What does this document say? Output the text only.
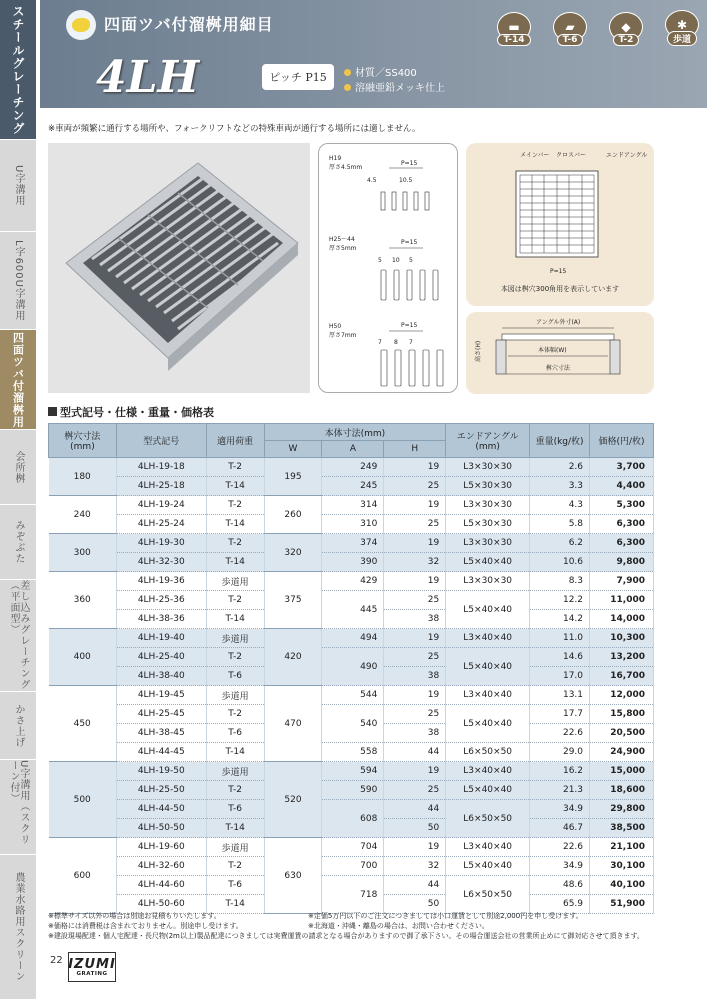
スチールグレーチング
U字溝用
L字600U字溝用
四面ツバ付溜桝用
会所桝
みぞぶた
差し込みグレーチング（平面型）
かさ上げ
U字溝用（スクリーン付）
農業水路用スクリーン
四面ツバ付溜桝用細目
4LH	ピッチ P15	材質／SS400
溶融亜鉛メッキ仕上
▬
T-14
▰
T-6
◆
T-2
✱
歩道
※車両が頻繁に通行する場所や、フォークリフトなどの特殊車両が通行する場所には適しません。
H19
厚さ4.5mm
P=15
4.5	10.5
H25〜44
厚さ5mm
P=15
5 10 5
H50
厚さ7mm
P=15
7 8 7
メインバー クロスバー	エンドアングル
P=15
本図は桝穴300角用を表示しています
アングル外寸(A)
本体幅(W)
桝穴寸法
高さ(H)
型式記号・仕様・重量・価格表
桝穴寸法
(mm)	型式記号	適用荷重	本体寸法(mm)			エンドアングル
(mm)	重量(kg/枚)	価格(円/枚)
			W	A	H			
180	4LH-19-18	T-2	195	249	19	L3×30×30	2.6	3,700
	4LH-25-18	T-14		245	25	L5×30×30	3.3	4,400
240	4LH-19-24	T-2	260	314	19	L3×30×30	4.3	5,300
	4LH-25-24	T-14		310	25	L5×30×30	5.8	6,300
300	4LH-19-30	T-2	320	374	19	L3×30×30	6.2	6,300
	4LH-32-30	T-14		390	32	L5×40×40	10.6	9,800
360	4LH-19-36	歩道用	375	429	19	L3×30×30	8.3	7,900
	4LH-25-36	T-2		445	25	L5×40×40	12.2	11,000
	4LH-38-36	T-14			38		14.2	14,000
400	4LH-19-40	歩道用	420	494	19	L3×40×40	11.0	10,300
	4LH-25-40	T-2		490	25	L5×40×40	14.6	13,200
	4LH-38-40	T-6			38		17.0	16,700
450	4LH-19-45	歩道用	470	544	19	L3×40×40	13.1	12,000
	4LH-25-45	T-2		540	25	L5×40×40	17.7	15,800
	4LH-38-45	T-6			38		22.6	20,500
	4LH-44-45	T-14		558	44	L6×50×50	29.0	24,900
500	4LH-19-50	歩道用	520	594	19	L3×40×40	16.2	15,000
	4LH-25-50	T-2		590	25	L5×40×40	21.3	18,600
	4LH-44-50	T-6		608	44	L6×50×50	34.9	29,800
	4LH-50-50	T-14			50		46.7	38,500
600	4LH-19-60	歩道用	630	704	19	L3×40×40	22.6	21,100
	4LH-32-60	T-2		700	32	L5×40×40	34.9	30,100
	4LH-44-60	T-6		718	44	L6×50×50	48.6	40,100
	4LH-50-60	T-14			50		65.9	51,900
※標準サイズ以外の場合は別途お見積もりいたします。	※定価5万円以下のご注文につきましては小口運賃として別途2,000円を申し受けます。
※価格には消費税は含まれておりません。別途申し受けます。	※北海道・沖縄・離島の場合は、お問い合わせください。
※建設現場配達・個人宅配達・長尺物(2m以上)製品配達につきましては実費運賃の請求となる場合がありますので御了承下さい。その場合運送会社の営業所止めにて御対応させて頂きます。
22 IZUMI
GRATING
